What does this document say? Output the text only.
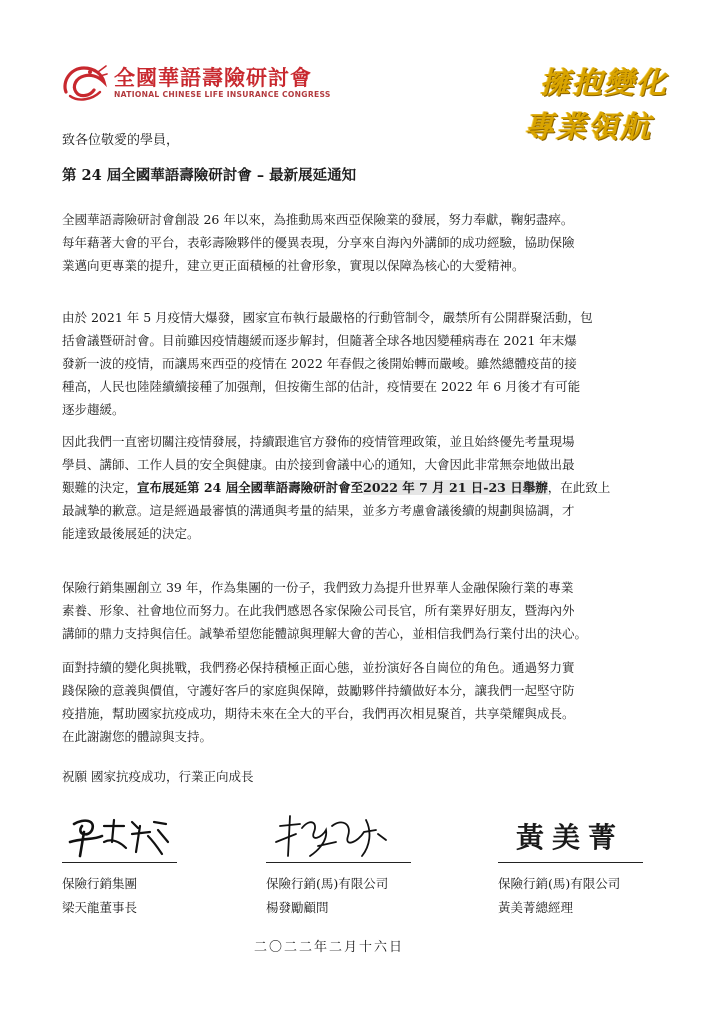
全國華語壽險研討會
NATIONAL CHINESE LIFE INSURANCE CONGRESS	擁抱變化
專業領航
致各位敬愛的學員，
第 24 屆全國華語壽險研討會 – 最新展延通知
全國華語壽險研討會創設 26 年以來，為推動馬來西亞保險業的發展，努力奉獻，鞠躬盡瘁。
每年藉著大會的平台，表彰壽險夥伴的優異表現，分享來自海內外講師的成功經驗，協助保險
業邁向更專業的提升，建立更正面積極的社會形象，實現以保障為核心的大愛精神。
由於 2021 年 5 月疫情大爆發，國家宣布執行最嚴格的行動管制令，嚴禁所有公開群聚活動，包
括會議暨研討會。目前雖因疫情趨緩而逐步解封，但隨著全球各地因變種病毒在 2021 年末爆
發新一波的疫情，而讓馬來西亞的疫情在 2022 年春假之後開始轉而嚴峻。雖然總體疫苗的接
種高，人民也陸陸續續接種了加强劑，但按衛生部的估計，疫情要在 2022 年 6 月後才有可能
逐步趨緩。
因此我們一直密切關注疫情發展，持續跟進官方發佈的疫情管理政策，並且始終優先考量現場
學員、講師、工作人員的安全與健康。由於接到會議中心的通知，大會因此非常無奈地做出最
艱難的決定，宣布展延第 24 屆全國華語壽險研討會至2022 年 7 月 21 日-23 日舉辦，在此致上
最誠摯的歉意。這是經過最審慎的溝通與考量的結果，並多方考慮會議後續的規劃與協調，才
能達致最後展延的決定。
保險行銷集團創立 39 年，作為集團的一份子，我們致力為提升世界華人金融保險行業的專業
素養、形象、社會地位而努力。在此我們感恩各家保險公司長官，所有業界好朋友，暨海內外
講師的鼎力支持與信任。誠摯希望您能體諒與理解大會的苦心，並相信我們為行業付出的決心。
面對持續的變化與挑戰，我們務必保持積極正面心態，並扮演好各自崗位的角色。通過努力實
踐保險的意義與價值，守護好客戶的家庭與保障，鼓勵夥伴持續做好本分，讓我們一起堅守防
疫措施，幫助國家抗疫成功，期待未來在全大的平台，我們再次相見聚首，共享榮耀與成長。
在此謝謝您的體諒與支持。
祝願 國家抗疫成功，行業正向成長
保險行銷集團
梁天龍董事長
保險行銷(馬)有限公司
楊發勵顧問
黃美菁
保險行銷(馬)有限公司
黃美菁總經理
二〇二二年二月十六日
